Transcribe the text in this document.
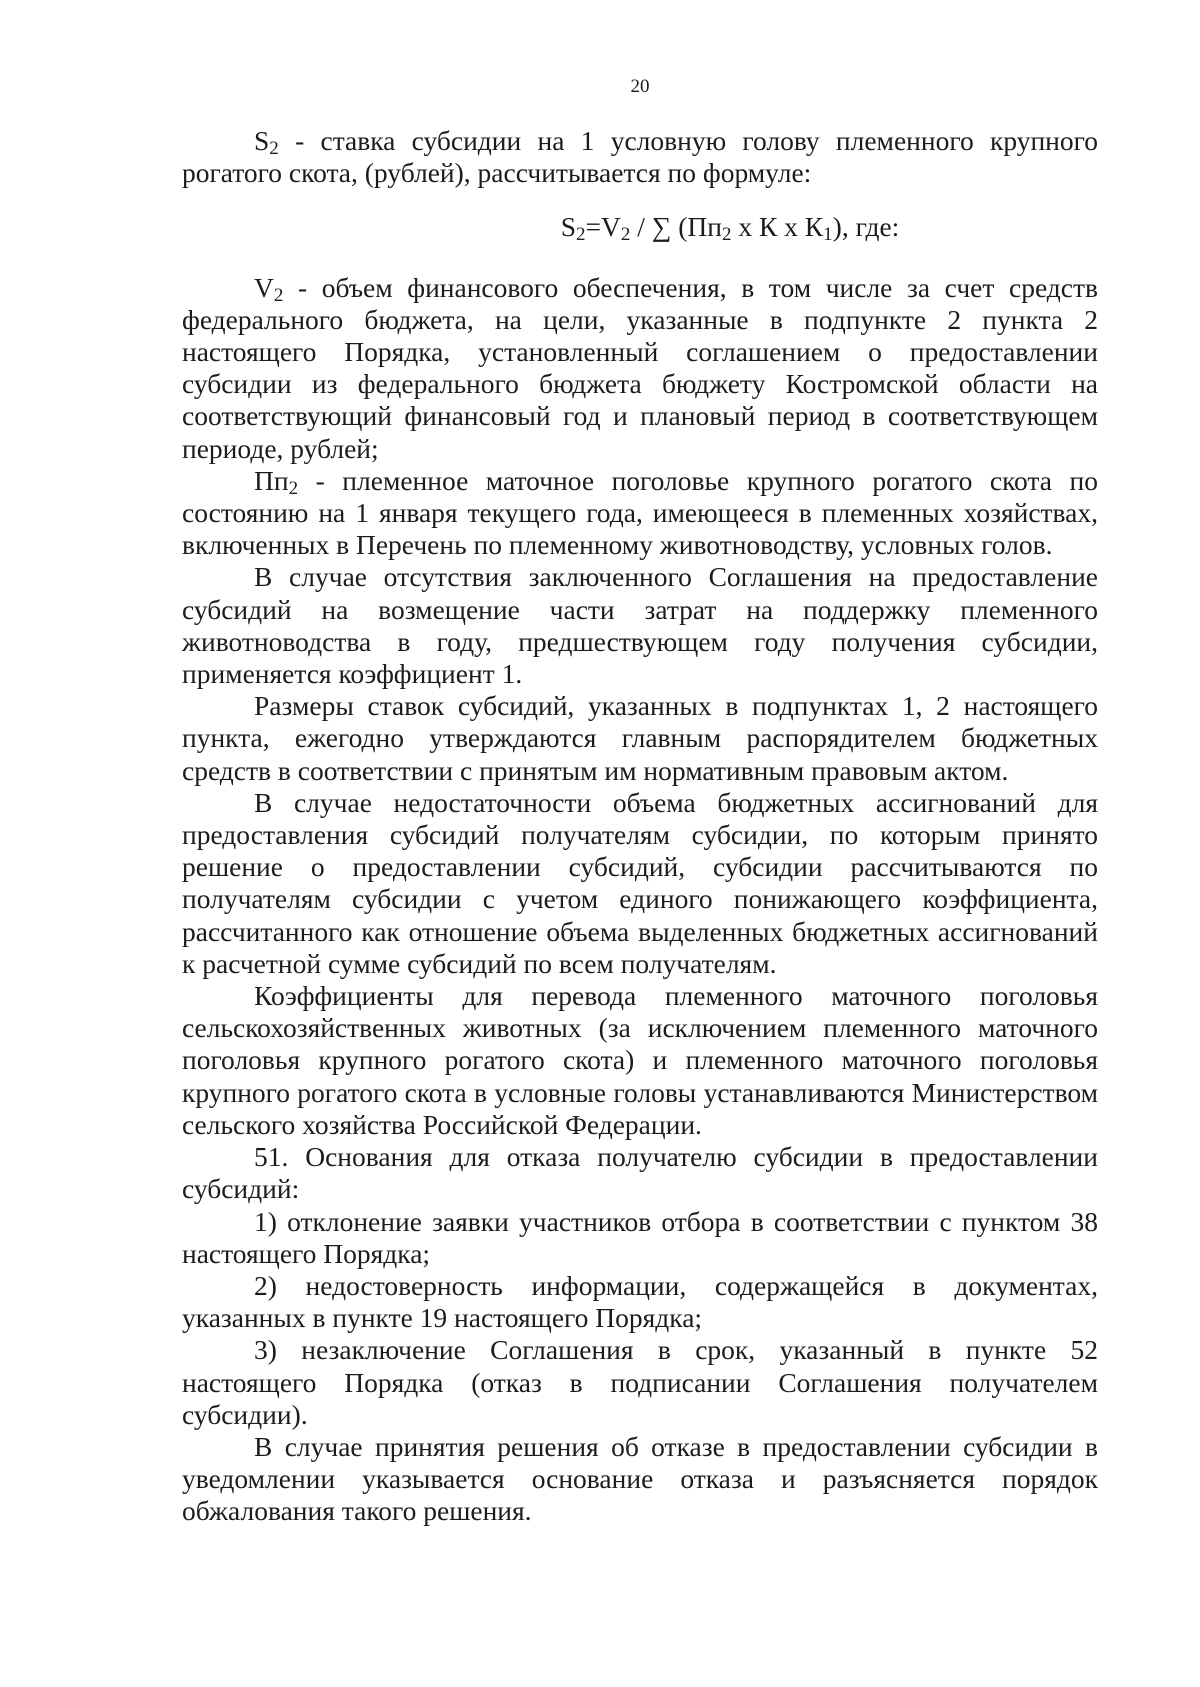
20

$S_2$ - ставка субсидии на 1 условную голову племенного крупного рогатого скота, (рублей), рассчитывается по формуле:

$S_2=V_2$ / ∑ ($Пп_2$ x К x $К_1$), где:

$V_2$ - объем финансового обеспечения, в том числе за счет средств федерального бюджета, на цели, указанные в подпункте 2 пункта 2 настоящего Порядка, установленный соглашением о предоставлении субсидии из федерального бюджета бюджету Костромской области на соответствующий финансовый год и плановый период в соответствующем периоде, рублей;

$Пп_2$ - племенное маточное поголовье крупного рогатого скота по состоянию на 1 января текущего года, имеющееся в племенных хозяйствах, включенных в Перечень по племенному животноводству, условных голов.

В случае отсутствия заключенного Соглашения на предоставление субсидий на возмещение части затрат на поддержку племенного животноводства в году, предшествующем году получения субсидии, применяется коэффициент 1.

Размеры ставок субсидий, указанных в подпунктах 1, 2 настоящего пункта, ежегодно утверждаются главным распорядителем бюджетных средств в соответствии с принятым им нормативным правовым актом.

В случае недостаточности объема бюджетных ассигнований для предоставления субсидий получателям субсидии, по которым принято решение о предоставлении субсидий, субсидии рассчитываются по получателям субсидии с учетом единого понижающего коэффициента, рассчитанного как отношение объема выделенных бюджетных ассигнований к расчетной сумме субсидий по всем получателям.

Коэффициенты для перевода племенного маточного поголовья сельскохозяйственных животных (за исключением племенного маточного поголовья крупного рогатого скота) и племенного маточного поголовья крупного рогатого скота в условные головы устанавливаются Министерством сельского хозяйства Российской Федерации.

51. Основания для отказа получателю субсидии в предоставлении субсидий:

1) отклонение заявки участников отбора в соответствии с пунктом 38 настоящего Порядка;

2) недостоверность информации, содержащейся в документах, указанных в пункте 19 настоящего Порядка;

3) незаключение Соглашения в срок, указанный в пункте 52 настоящего Порядка (отказ в подписании Соглашения получателем субсидии).

В случае принятия решения об отказе в предоставлении субсидии в уведомлении указывается основание отказа и разъясняется порядок обжалования такого решения.
